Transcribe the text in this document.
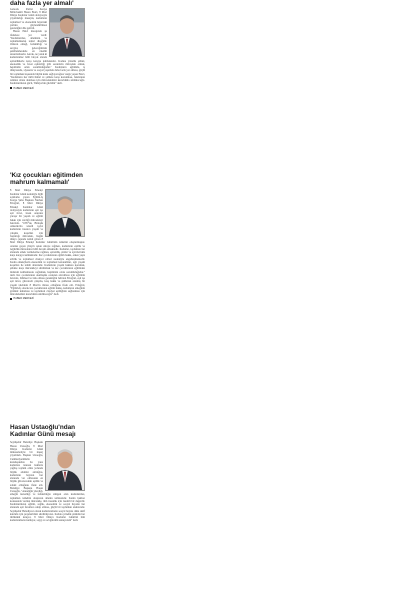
daha fazla yer almalı'

Gelecek Partisi Konya Milletvekili Hasan Ekici, 8 Mart Dünya Kadınlar Günü dolayısıyla yayımladığı mesajda, kadınların toplumsal ve ekonomik hayattaki yerinin güçlendirilmesi gerektiğini dile getirdi.

Hasan Ekici mesajında şu ifadelere yer verdi: "Kadınlarımız, ailemizin ve toplumumuzun temel direğidir. Onların emeği, fedakârlığı ve sevgisi, geleceğimizin şekillenmesinde en önemli unsurlardandır. Ancak, ne yazık ki kadınlarımız hâlâ birçok alanda eşitsizliklerle karşı karşıya kalmaktadır. Kadına yönelik şiddet, ekonomik ve fırsat eşitsizliği gibi sorunlarla mücadele etmek, hepimizin ortak sorumluluğudur." Kadınların eğitimde, iş dünyasında, siyasette ve sosyal yaşamda daha fazla yer alması, güçlü bir toplumun inşasında büyük katkı sağlayacağına vurgu yapan Ekici, "Kadınların her türlü ihmal ve şiddete karşı korunması, haklarının teminat altına alınması için mücadelemizi kararlılıkla sürdüreceğiz. Kadınlarımızın gücü, Türkiye'nin gücüdür" dedi.

HABER MERKEZİ
'Kız çocukları eğitimden mahrum kalmamalı'

8 Mart Dünya Emekçi Kadınlar Günü nedeniyle ilgili açıklama yapan Eğitim-İş Konya Şube Başkanı Nurhan Ertuğrul, 8 Mart Dünya Emekçi Kadınlar Günü dolayısıyla kadınların eşit işe eşit ücret, insan onuruna yaraşır bir yaşam ve eğitim hakkı için verdiği mücadeleyi hatırlattı. "1857'de, Birleşik Amerika'da tekstil işçisi kadınların insanca yaşam ve çalışma koşulları için başlattığı mücadele, bugün dünya çapında kabul gören 8 Mart Dünya Emekçi Kadınlar Günü'nün temelini oluşturmuştur. Aradan geçen yüzyılı aşkın süreye rağmen, kadınların eşitlik ve özgürlük mücadelesi hâlâ devam etmektedir. Kadınlar, toplumun her alanında emek vermelerine rağmen, eşitsizlik, şiddet ve ayrımcılıkla karşı karşıya kalmaktadır. Kız çocuklarının eğitim hakkı, erken yaşta evlilik ve toplumsal cinsiyet rolleri nedeniyle engellenmektedir. Kadın emekçilerin ekonomik ve toplumsal kazanımları, ağır yaşam koşulları ile tehdit altındadır. Kadınların yaşam hakkını korumak, şiddete karşı mücadeleyi sürdürmek ve kız çocuklarının eğitimden mahrum kalmamasını sağlamak, hepimizin ortak sorumluluğudur." dedi. Kız çocuklarının okullaşma oranının artırılması için eğitimin ücretsiz, bilimsel ve laik olması gerektiğini belirten Ertuğrul, eşit işe eşit ücret, güvenceli çalışma, kreş hakkı ve şiddetten arınmış bir yaşam talebinin 8 Mart'ın mirası olduğunu ifade etti. Ertuğrul, "Eğitim-İş olarak kız çocuklarının eğitim hakkı, kadınların emeğinin görünür kılınması ve toplumsal cinsiyet eşitliğinin sağlanması için mücadelemizi kararlılıkla sürdüreceğiz" dedi.

HABER MERKEZİ
Hasan Ustaoğlu'ndan Kadınlar Günü mesajı

Seydişehir Belediye Başkanı Hasan Ustaoğlu, 8 Mart Dünya Kadınlar Günü münasebetiyle bir mesaj yayımladı. Başkan Ustaoğlu, Cumhuriyetimizin kuruluşundan bu yana kadınlara tanınan haklarla çağdaş toplum olma yolunda büyük adımlar atıldığını, kadınların hayatın her alanında var olmasının en büyük güvencesinin eşitlik ve adalet olduğunu ifade etti. Belediye Başkanı Hasan Ustaoğlu, "Anneliğin yüceliği, emeğin kutsallığı ve fedakârlığın simgesi olan kadınlarımız, toplumun temelini oluşturan ailenin teminatıdır. Kadın hakları konusunda verilen mücadele, tüm insanlık için önemli bir değerdir. Kadınlarımızın eğitim, sağlık, ekonomik ve sosyal hayatın her alanında eşit fırsatlara sahip olması, güçlü bir toplumun anahtarıdır. Seydişehir Belediyesi olarak kadınlarımızın sosyal hayata daha aktif katılımı için projelerimizi sürdürüyoruz. Kadına yönelik şiddetin her türlüsünü kınıyor, 8 Mart Dünya Kadınlar Günü'nü tüm kadınlarımızın kutluyor, saygı ve sevgilerimi sunuyorum" dedi.
